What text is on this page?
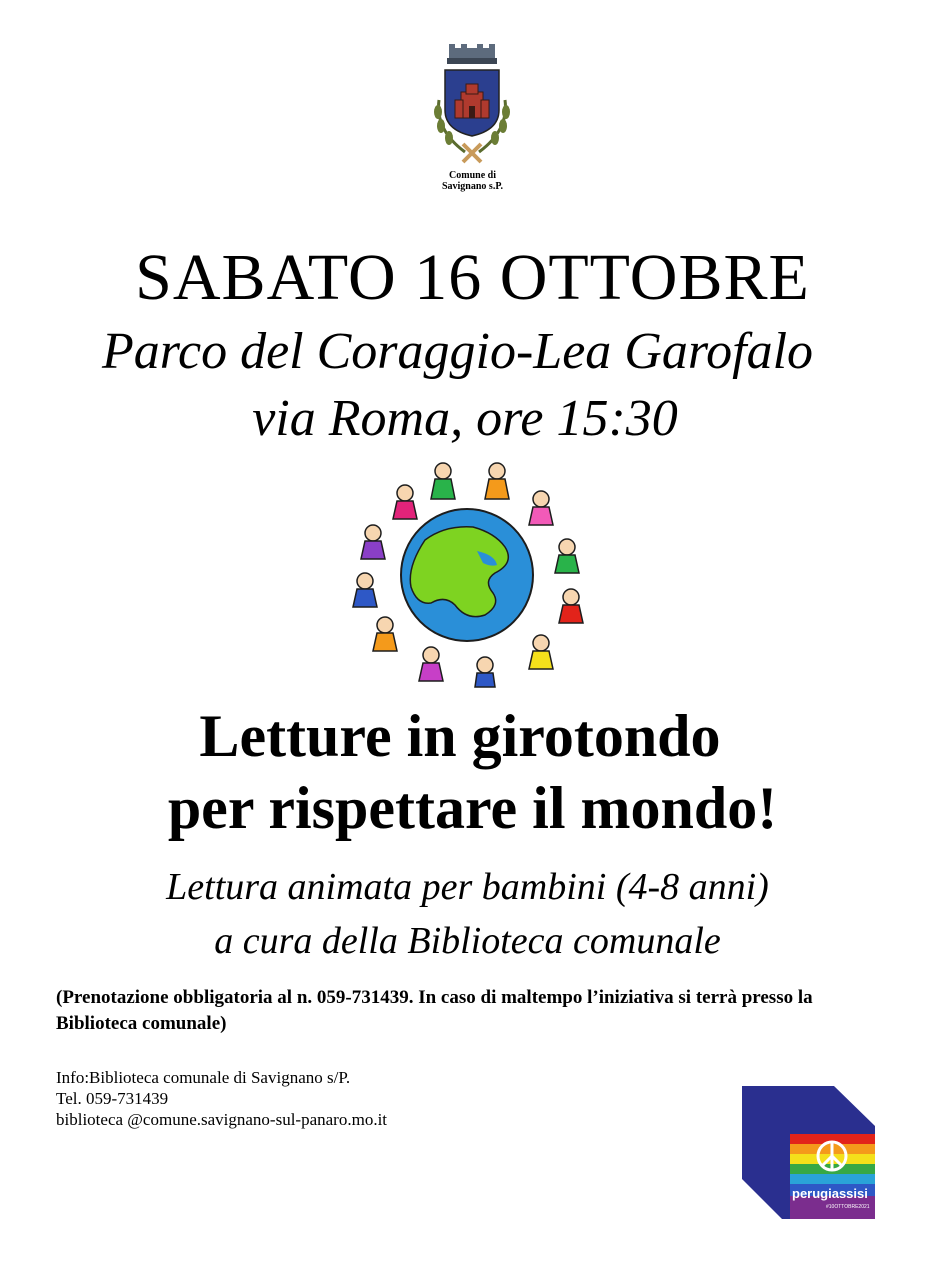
Comune di
Savignano s.P.
SABATO 16 OTTOBRE
Parco del Coraggio-Lea Garofalo
via Roma, ore 15:30
Letture in girotondo
per rispettare il mondo!
Lettura animata per bambini (4-8 anni)
a cura della Biblioteca comunale
(Prenotazione obbligatoria al n. 059-731439. In caso di maltempo l’iniziativa si terrà presso la Biblioteca comunale)
Info:Biblioteca comunale di Savignano s/P.
Tel. 059-731439
biblioteca @comune.savignano-sul-panaro.mo.it
perugiassisi
#10OTTOBRE2021
